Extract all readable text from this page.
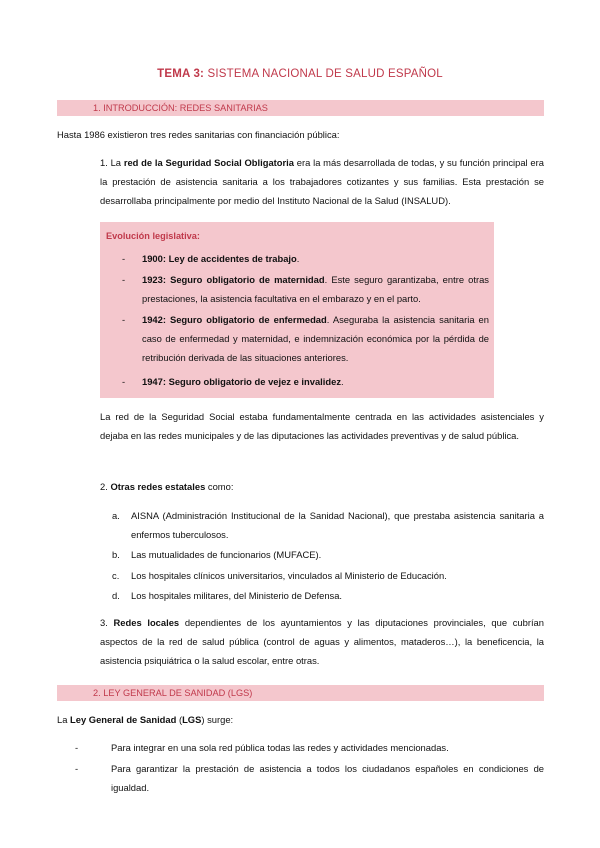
TEMA 3: SISTEMA NACIONAL DE SALUD ESPAÑOL
1. INTRODUCCIÓN: REDES SANITARIAS
Hasta 1986 existieron tres redes sanitarias con financiación pública:
1. La red de la Seguridad Social Obligatoria era la más desarrollada de todas, y su función principal era la prestación de asistencia sanitaria a los trabajadores cotizantes y sus familias. Esta prestación se desarrollaba principalmente por medio del Instituto Nacional de la Salud (INSALUD).
Evolución legislativa:
- 1900: Ley de accidentes de trabajo.
- 1923: Seguro obligatorio de maternidad. Este seguro garantizaba, entre otras prestaciones, la asistencia facultativa en el embarazo y en el parto.
- 1942: Seguro obligatorio de enfermedad. Aseguraba la asistencia sanitaria en caso de enfermedad y maternidad, e indemnización económica por la pérdida de retribución derivada de las situaciones anteriores.
- 1947: Seguro obligatorio de vejez e invalidez.
La red de la Seguridad Social estaba fundamentalmente centrada en las actividades asistenciales y dejaba en las redes municipales y de las diputaciones las actividades preventivas y de salud pública.
2. Otras redes estatales como:
a. AISNA (Administración Institucional de la Sanidad Nacional), que prestaba asistencia sanitaria a enfermos tuberculosos.
b. Las mutualidades de funcionarios (MUFACE).
c. Los hospitales clínicos universitarios, vinculados al Ministerio de Educación.
d. Los hospitales militares, del Ministerio de Defensa.
3. Redes locales dependientes de los ayuntamientos y las diputaciones provinciales, que cubrían aspectos de la red de salud pública (control de aguas y alimentos, mataderos…), la beneficencia, la asistencia psiquiátrica o la salud escolar, entre otras.
2. LEY GENERAL DE SANIDAD (LGS)
La Ley General de Sanidad (LGS) surge:
-	Para integrar en una sola red pública todas las redes y actividades mencionadas.
-	Para garantizar la prestación de asistencia a todos los ciudadanos españoles en condiciones de igualdad.
